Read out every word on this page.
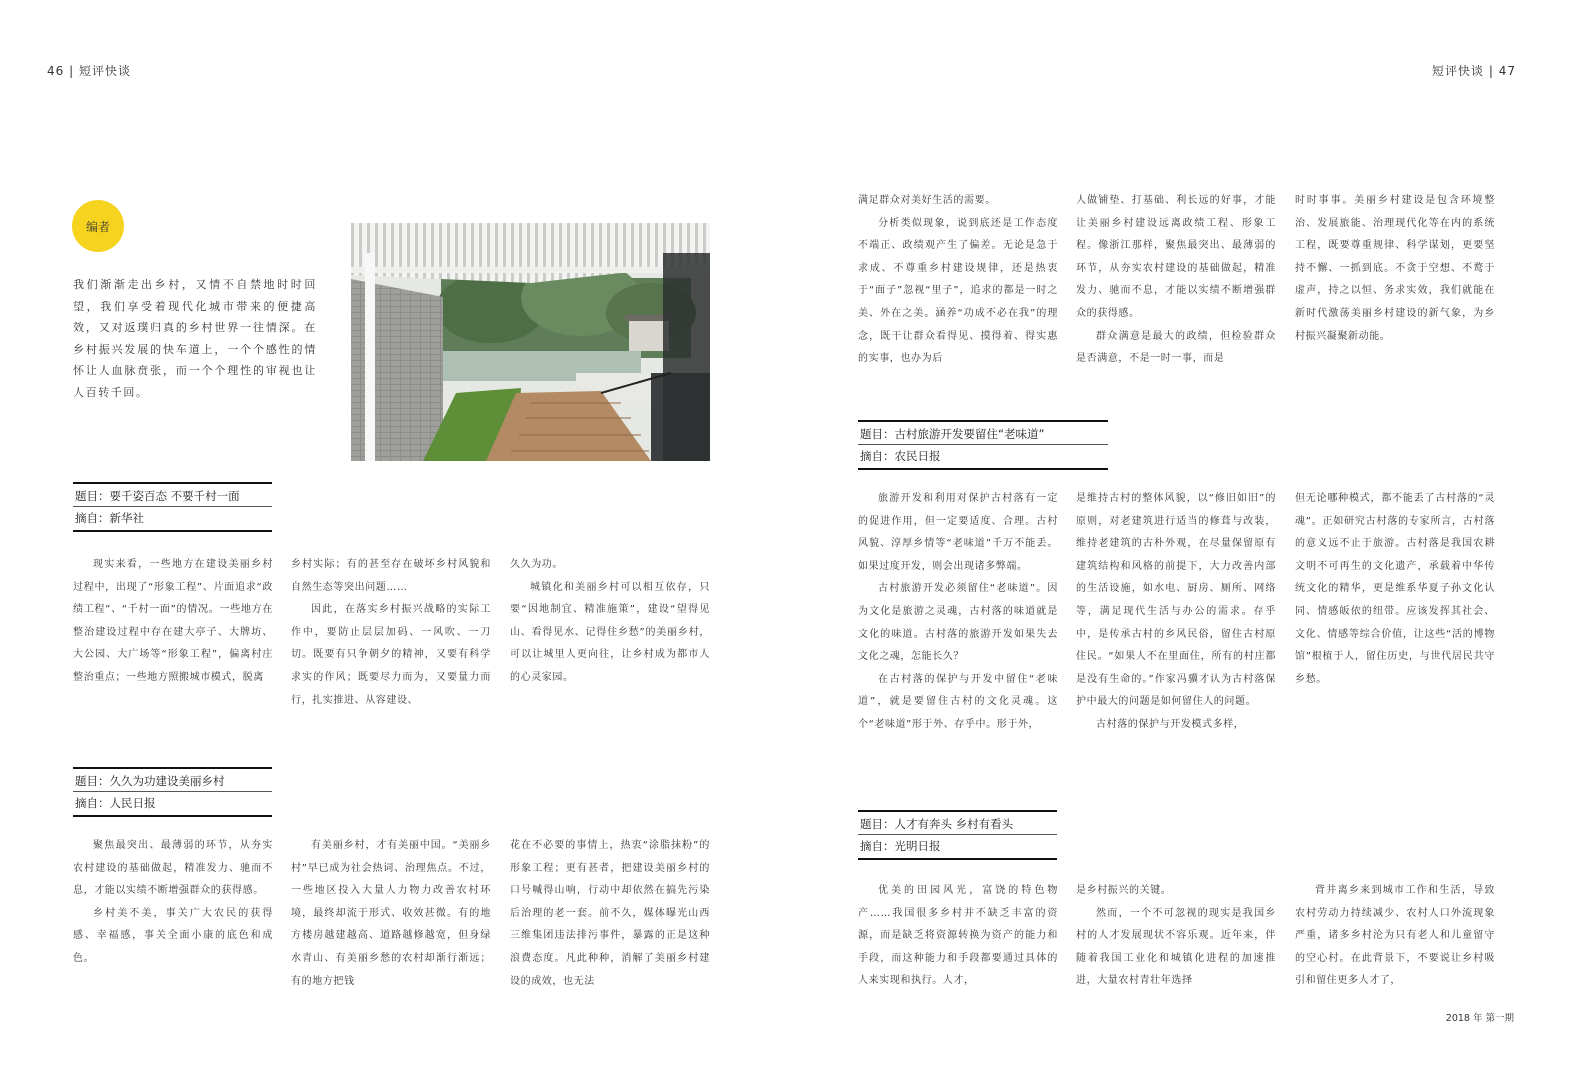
46 | 短评快谈	短评快谈 | 47
编者
我们渐渐走出乡村，又情不自禁地时时回望，我们享受着现代化城市带来的便捷高效，又对返璞归真的乡村世界一往情深。在乡村振兴发展的快车道上，一个个感性的情怀让人血脉贲张，而一个个理性的审视也让人百转千回。
题目：要千姿百态 不要千村一面
摘自：新华社

现实来看，一些地方在建设美丽乡村过程中，出现了“形象工程”、片面追求“政绩工程”、“千村一面”的情况。一些地方在整治建设过程中存在建大亭子、大牌坊、大公园、大广场等“形象工程”，偏离村庄整治重点；一些地方照搬城市模式，脱离

乡村实际；有的甚至存在破坏乡村风貌和自然生态等突出问题……

因此，在落实乡村振兴战略的实际工作中，要防止层层加码、一风吹、一刀切。既要有只争朝夕的精神，又要有科学求实的作风；既要尽力而为，又要量力而行，扎实推进、从容建设、

久久为功。

城镇化和美丽乡村可以相互依存，只要“因地制宜、精准施策”，建设“望得见山、看得见水、记得住乡愁”的美丽乡村，可以让城里人更向往，让乡村成为都市人的心灵家园。

题目：久久为功建设美丽乡村
摘自：人民日报

聚焦最突出、最薄弱的环节，从夯实农村建设的基础做起，精准发力、驰而不息，才能以实绩不断增强群众的获得感。

乡村美不美，事关广大农民的获得感、幸福感，事关全面小康的底色和成色。

有美丽乡村，才有美丽中国。“美丽乡村”早已成为社会热词、治理焦点。不过，一些地区投入大量人力物力改善农村环境，最终却流于形式、收效甚微。有的地方楼房越建越高、道路越修越宽，但身绿水青山、有美丽乡愁的农村却渐行渐远；有的地方把钱

花在不必要的事情上，热衷“涂脂抹粉”的形象工程；更有甚者，把建设美丽乡村的口号喊得山响，行动中却依然在搞先污染后治理的老一套。前不久，媒体曝光山西三维集团违法排污事件，暴露的正是这种浪费态度。凡此种种，消解了美丽乡村建设的成效，也无法

满足群众对美好生活的需要。

分析类似现象，说到底还是工作态度不端正、政绩观产生了偏差。无论是急于求成、不尊重乡村建设规律，还是热衷于“面子”忽视“里子”，追求的都是一时之美、外在之美。涵养“功成不必在我”的理念，既干让群众看得见、摸得着、得实惠的实事，也办为后

人做铺垫、打基础、利长远的好事，才能让美丽乡村建设远离政绩工程、形象工程。像浙江那样，聚焦最突出、最薄弱的环节，从夯实农村建设的基础做起，精准发力、驰而不息，才能以实绩不断增强群众的获得感。

群众满意是最大的政绩，但检验群众是否满意，不是一时一事，而是

时时事事。美丽乡村建设是包含环境整治、发展旅能、治理现代化等在内的系统工程，既要尊重规律、科学谋划，更要坚持不懈、一抓到底。不贪于空想、不鹜于虚声，持之以恒、务求实效，我们就能在新时代激荡美丽乡村建设的新气象，为乡村振兴凝聚新动能。

题目：古村旅游开发要留住“老味道”
摘自：农民日报

旅游开发和利用对保护古村落有一定的促进作用，但一定要适度、合理。古村风貌、淳厚乡情等“老味道”千万不能丢。如果过度开发，则会出现诸多弊端。

古村旅游开发必须留住“老味道”。因为文化是旅游之灵魂，古村落的味道就是文化的味道。古村落的旅游开发如果失去文化之魂，怎能长久？

在古村落的保护与开发中留住“老味道”，就是要留住古村的文化灵魂。这个“老味道”形于外、存乎中。形于外，

是维持古村的整体风貌，以“修旧如旧”的原则，对老建筑进行适当的修葺与改装，维持老建筑的古朴外观，在尽量保留原有建筑结构和风格的前提下，大力改善内部的生活设施，如水电、厨房、厕所、网络等，满足现代生活与办公的需求。存乎中，是传承古村的乡风民俗，留住古村原住民。“如果人不在里面住，所有的村庄都是没有生命的。”作家冯骥才认为古村落保护中最大的问题是如何留住人的问题。

古村落的保护与开发模式多样，

但无论哪种模式，都不能丢了古村落的“灵魂”。正如研究古村落的专家所言，古村落的意义远不止于旅游。古村落是我国农耕文明不可再生的文化遗产，承载着中华传统文化的精华，更是维系华夏子孙文化认同、情感皈依的纽带。应该发挥其社会、文化、情感等综合价值，让这些“活的博物馆”根植于人，留住历史，与世代居民共守乡愁。

题目：人才有奔头 乡村有看头
摘自：光明日报

优美的田园风光，富饶的特色物产……我国很多乡村并不缺乏丰富的资源，而是缺乏将资源转换为资产的能力和手段，而这种能力和手段都要通过具体的人来实现和执行。人才，

是乡村振兴的关键。

然而，一个不可忽视的现实是我国乡村的人才发展现状不容乐观。近年来，伴随着我国工业化和城镇化进程的加速推进，大量农村青壮年选择

背井离乡来到城市工作和生活，导致农村劳动力持续减少、农村人口外流现象严重，诸多乡村沦为只有老人和儿童留守的空心村。在此背景下，不要说让乡村吸引和留住更多人才了，

2018 年 第一期
